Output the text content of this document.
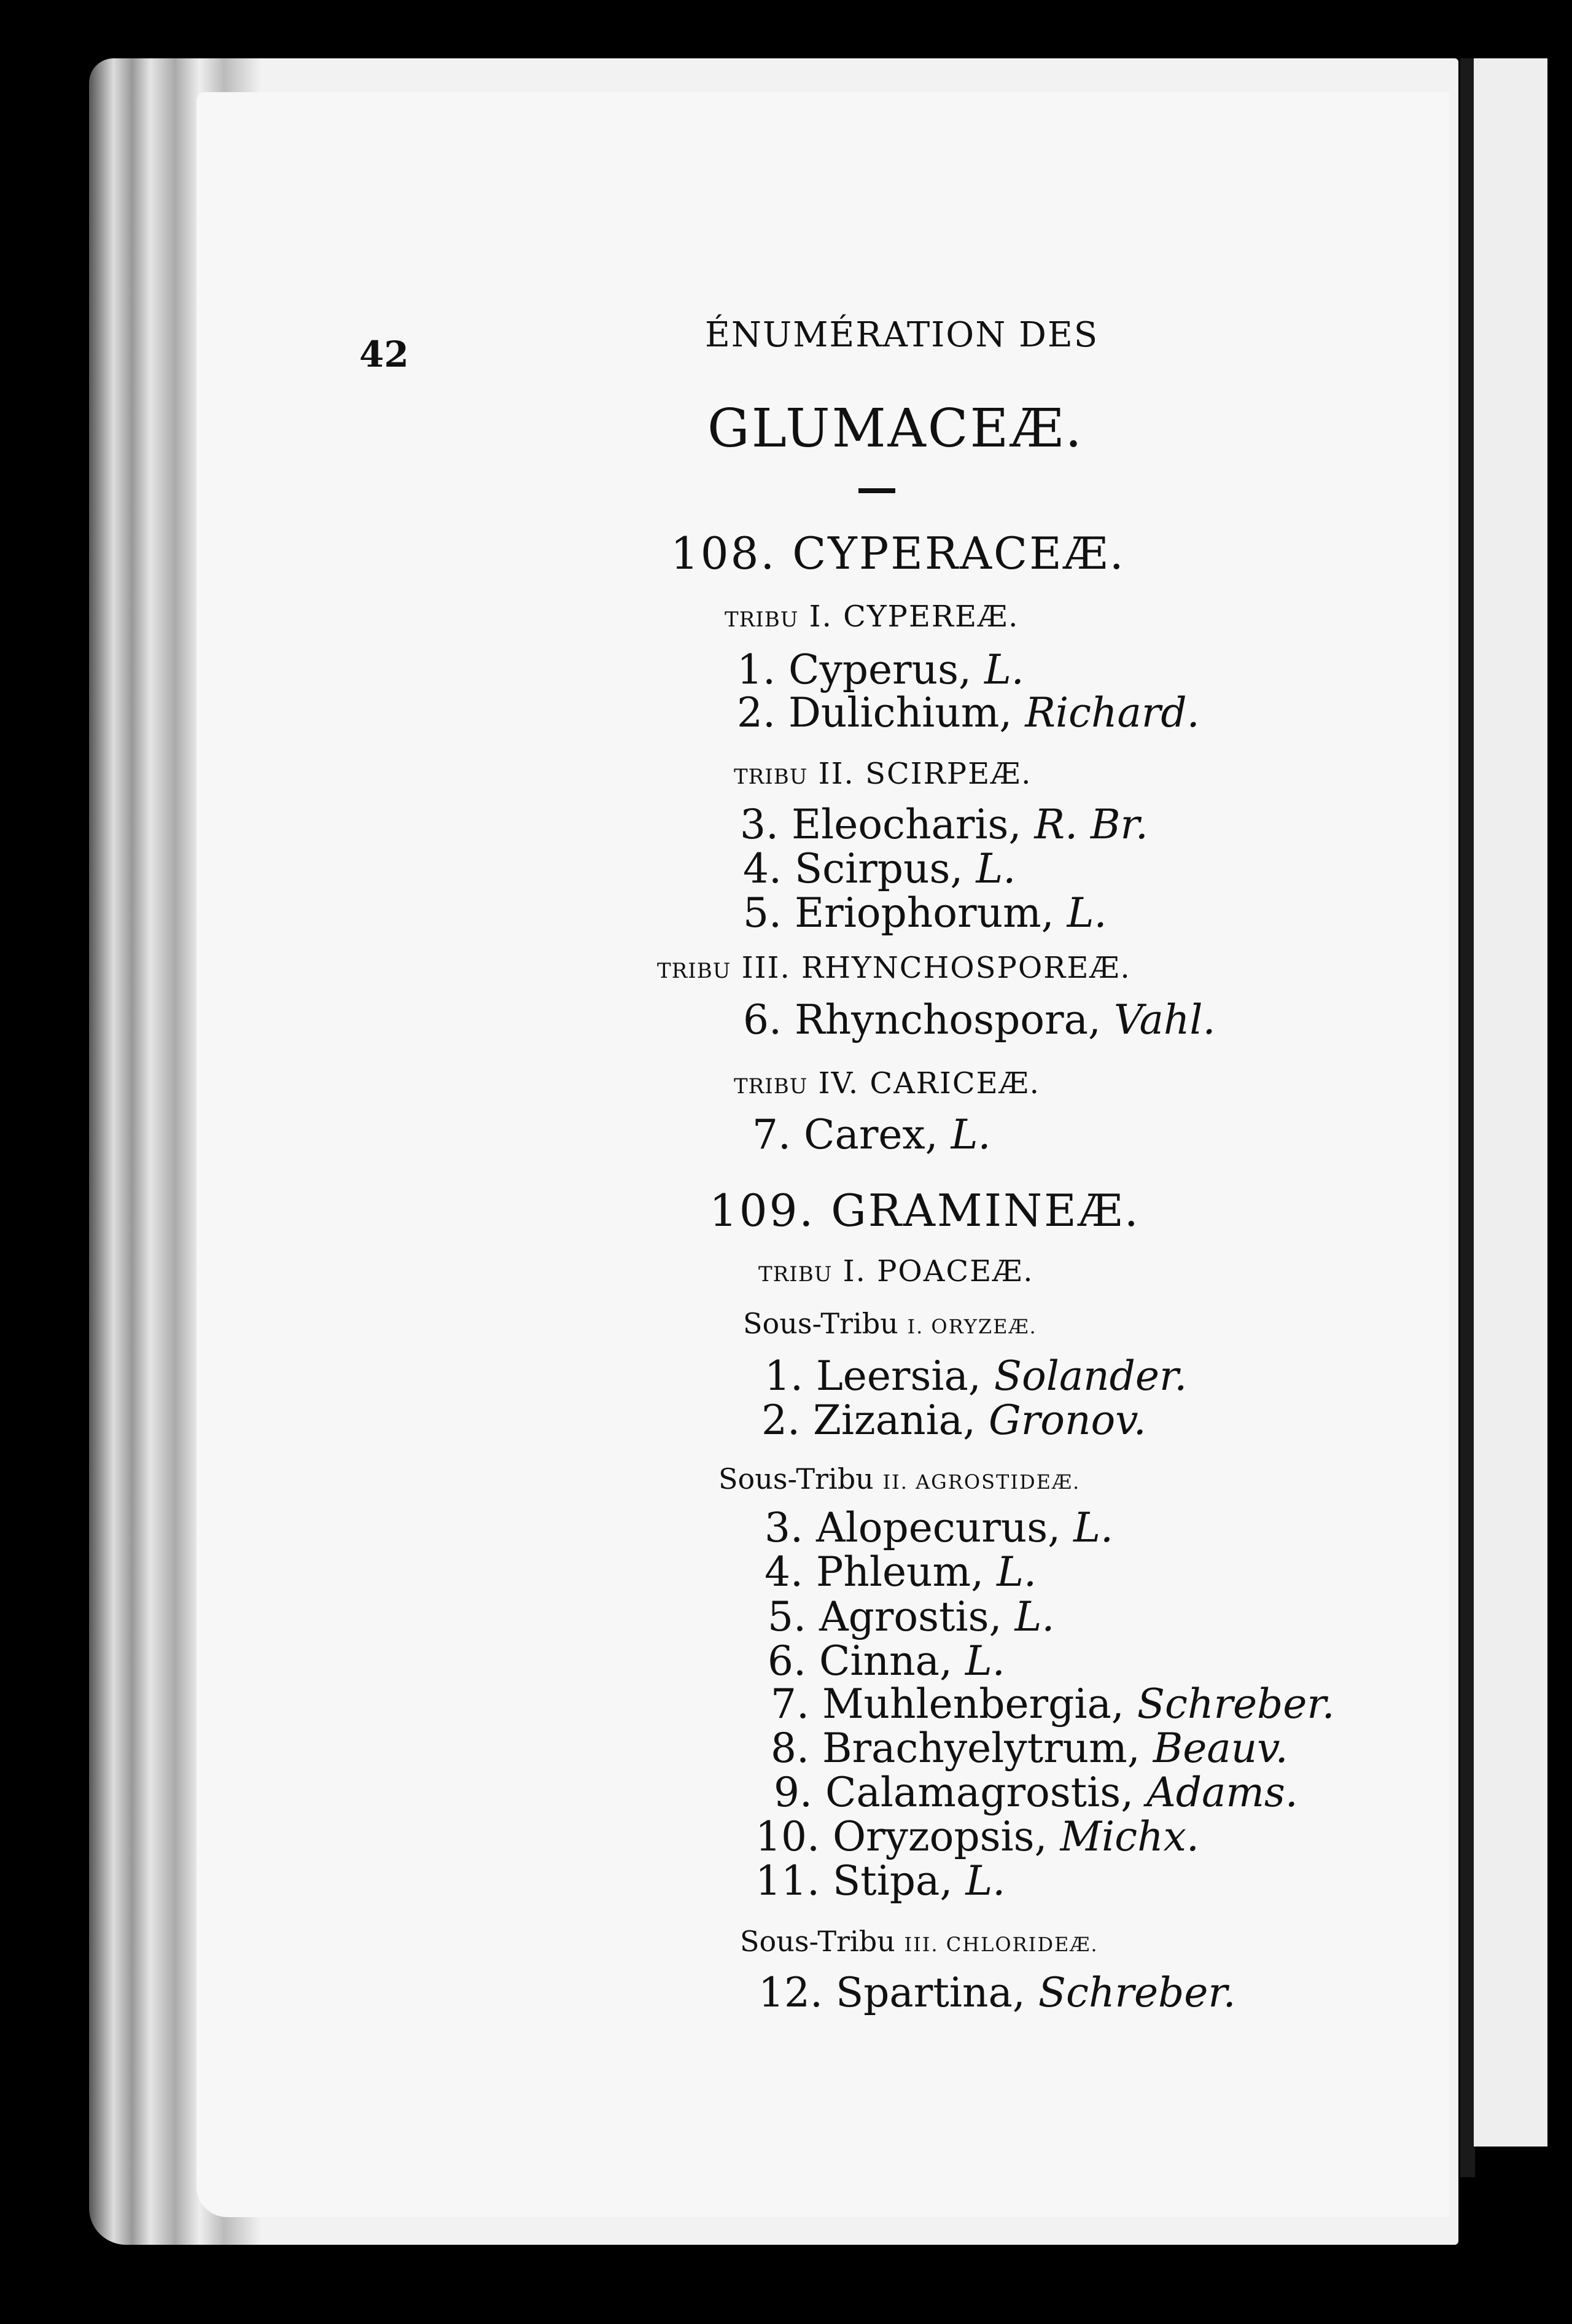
42	ÉNUMÉRATION DES
GLUMACEÆ.
108. CYPERACEÆ.
TRIBU I. CYPEREÆ.
1. Cyperus, L.
2. Dulichium, Richard.
TRIBU II. SCIRPEÆ.
3. Eleocharis, R. Br.
4. Scirpus, L.
5. Eriophorum, L.
TRIBU III. RHYNCHOSPOREÆ.
6. Rhynchospora, Vahl.
TRIBU IV. CARICEÆ.
7. Carex, L.
109. GRAMINEÆ.
TRIBU I. POACEÆ.
Sous-Tribu I. ORYZEÆ.
1. Leersia, Solander.
2. Zizania, Gronov.
Sous-Tribu II. AGROSTIDEÆ.
3. Alopecurus, L.
4. Phleum, L.
5. Agrostis, L.
6. Cinna, L.
7. Muhlenbergia, Schreber.
8. Brachyelytrum, Beauv.
9. Calamagrostis, Adams.
10. Oryzopsis, Michx.
11. Stipa, L.
Sous-Tribu III. CHLORIDEÆ.
12. Spartina, Schreber.
